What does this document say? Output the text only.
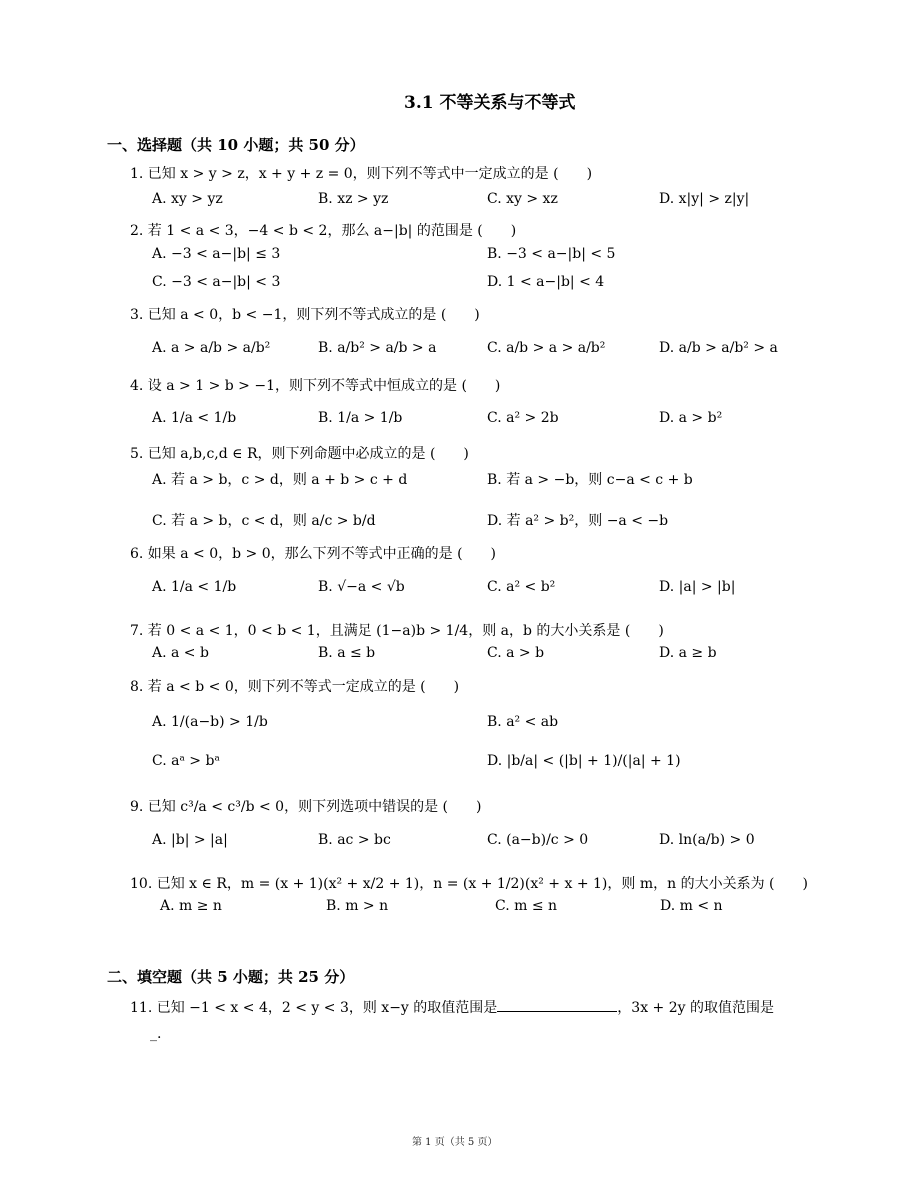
3.1 不等关系与不等式
一、选择题（共 10 小题；共 50 分）
1. 已知 x > y > z，x + y + z = 0，则下列不等式中一定成立的是 (　　)
A. xy > yz	B. xz > yz	C. xy > xz	D. x|y| > z|y|
2. 若 1 < a < 3，−4 < b < 2，那么 a−|b| 的范围是 (　　)
A. −3 < a−|b| ≤ 3	B. −3 < a−|b| < 5
C. −3 < a−|b| < 3	D. 1 < a−|b| < 4
3. 已知 a < 0，b < −1，则下列不等式成立的是 (　　)
A. a > a/b > a/b²	B. a/b² > a/b > a	C. a/b > a > a/b²	D. a/b > a/b² > a
4. 设 a > 1 > b > −1，则下列不等式中恒成立的是 (　　)
A. 1/a < 1/b	B. 1/a > 1/b	C. a² > 2b	D. a > b²
5. 已知 a,b,c,d ∈ R，则下列命题中必成立的是 (　　)
A. 若 a > b，c > d，则 a + b > c + d	B. 若 a > −b，则 c−a < c + b
C. 若 a > b，c < d，则 a/c > b/d	D. 若 a² > b²，则 −a < −b
6. 如果 a < 0，b > 0，那么下列不等式中正确的是 (　　)
A. 1/a < 1/b	B. √−a < √b	C. a² < b²	D. |a| > |b|
7. 若 0 < a < 1，0 < b < 1，且满足 (1−a)b > 1/4，则 a，b 的大小关系是 (　　)
A. a < b	B. a ≤ b	C. a > b	D. a ≥ b
8. 若 a < b < 0，则下列不等式一定成立的是 (　　)
A. 1/(a−b) > 1/b	B. a² < ab
C. aᵃ > bᵃ	D. |b/a| < (|b| + 1)/(|a| + 1)
9. 已知 c³/a < c³/b < 0，则下列选项中错误的是 (　　)
A. |b| > |a|	B. ac > bc	C. (a−b)/c > 0	D. ln(a/b) > 0
10. 已知 x ∈ R，m = (x + 1)(x² + x/2 + 1)，n = (x + 1/2)(x² + x + 1)，则 m，n 的大小关系为 (　　)
A. m ≥ n	B. m > n	C. m ≤ n	D. m < n
二、填空题（共 5 小题；共 25 分）
11. 已知 −1 < x < 4，2 < y < 3，则 x−y 的取值范围是	，3x + 2y 的取值范围是
_.
第 1 页（共 5 页）
